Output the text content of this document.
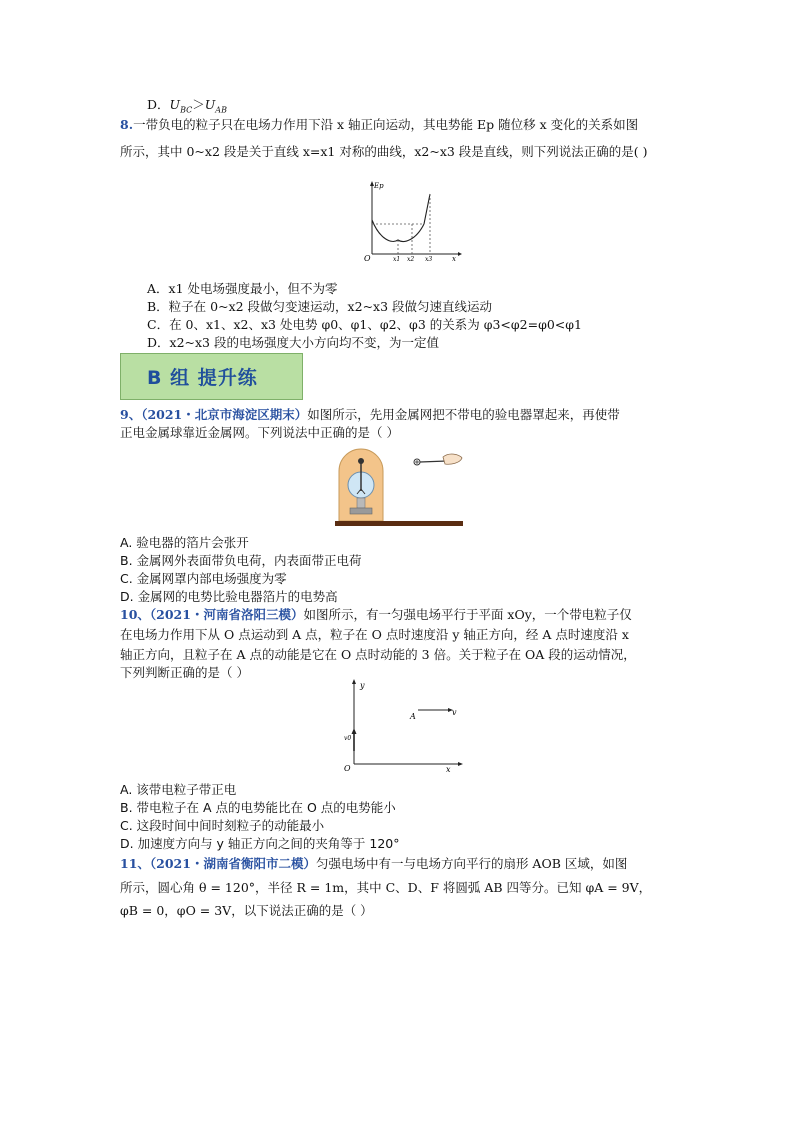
D．$U_{BC}>U_{AB}$
8.一带负电的粒子只在电场力作用下沿 x 轴正向运动，其电势能 Ep 随位移 x 变化的关系如图
所示，其中 0~x2 段是关于直线 x=x1 对称的曲线，x2~x3 段是直线，则下列说法正确的是( )
Ep
O	x1 x2 x3	x
A．x1 处电场强度最小，但不为零
B．粒子在 0~x2 段做匀变速运动，x2~x3 段做匀速直线运动
C．在 0、x1、x2、x3 处电势 φ0、φ1、φ2、φ3 的关系为 φ3<φ2=φ0<φ1
D．x2~x3 段的电场强度大小方向均不变，为一定值
B 组 提升练
9、（2021・北京市海淀区期末）如图所示，先用金属网把不带电的验电器罩起来，再使带
正电金属球靠近金属网。下列说法中正确的是（ ）
A. 验电器的箔片会张开
B. 金属网外表面带负电荷，内表面带正电荷
C. 金属网罩内部电场强度为零
D. 金属网的电势比验电器箔片的电势高
10、（2021・河南省洛阳三模）如图所示，有一匀强电场平行于平面 xOy，一个带电粒子仅
在电场力作用下从 O 点运动到 A 点，粒子在 O 点时速度沿 y 轴正方向，经 A 点时速度沿 x
轴正方向，且粒子在 A 点的动能是它在 O 点时动能的 3 倍。关于粒子在 OA 段的运动情况，
下列判断正确的是（ ）
y
x
O
A	v
v0
A. 该带电粒子带正电
B. 带电粒子在 A 点的电势能比在 O 点的电势能小
C. 这段时间中间时刻粒子的动能最小
D. 加速度方向与 y 轴正方向之间的夹角等于 120°
11、（2021・湖南省衡阳市二模）匀强电场中有一与电场方向平行的扇形 AOB 区域，如图
所示，圆心角 θ = 120°，半径 R = 1m，其中 C、D、F 将圆弧 AB 四等分。已知 φA = 9V，
φB = 0，φO = 3V，以下说法正确的是（ ）
